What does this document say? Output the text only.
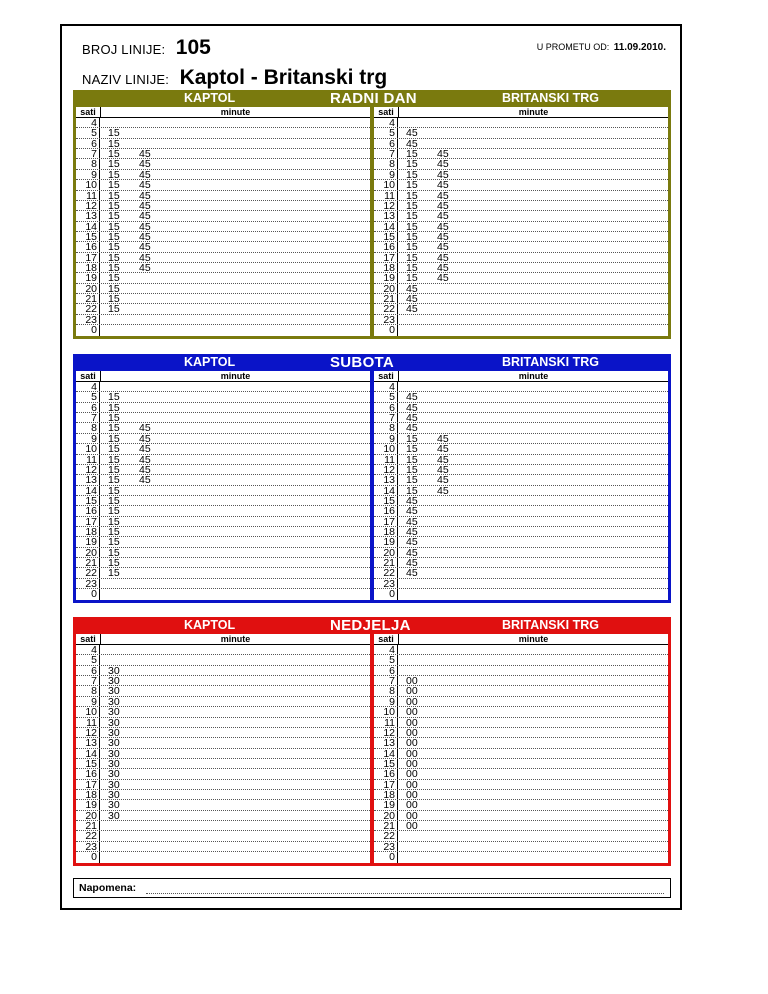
BROJ LINIJE: 105	U PROMETU OD: 11.09.2010.
NAZIV LINIJE: Kaptol - Britanski trg
KAPTOL	RADNI DAN	BRITANSKI TRG
sati	minute
4
5 15
6 15
7 15	45
8 15	45
9 15	45
10 15	45
11 15	45
12 15	45
13 15	45
14 15	45
15 15	45
16 15	45
17 15	45
18 15	45
19 15
20 15
21 15
22 15
23
0
sati	minute
4
5 45
6 45
7 15	45
8 15	45
9 15	45
10 15	45
11 15	45
12 15	45
13 15	45
14 15	45
15 15	45
16 15	45
17 15	45
18 15	45
19 15	45
20 45
21 45
22 45
23
0
KAPTOL	SUBOTA	BRITANSKI TRG
sati	minute
4
5 15
6 15
7 15
8 15	45
9 15	45
10 15	45
11 15	45
12 15	45
13 15	45
14 15
15 15
16 15
17 15
18 15
19 15
20 15
21 15
22 15
23
0
sati	minute
4
5 45
6 45
7 45
8 45
9 15	45
10 15	45
11 15	45
12 15	45
13 15	45
14 15	45
15 45
16 45
17 45
18 45
19 45
20 45
21 45
22 45
23
0
KAPTOL	NEDJELJA	BRITANSKI TRG
sati	minute
4
5
6 30
7 30
8 30
9 30
10 30
11 30
12 30
13 30
14 30
15 30
16 30
17 30
18 30
19 30
20 30
21
22
23
0
sati	minute
4
5
6
7 00
8 00
9 00
10 00
11 00
12 00
13 00
14 00
15 00
16 00
17 00
18 00
19 00
20 00
21 00
22
23
0
Napomena:
